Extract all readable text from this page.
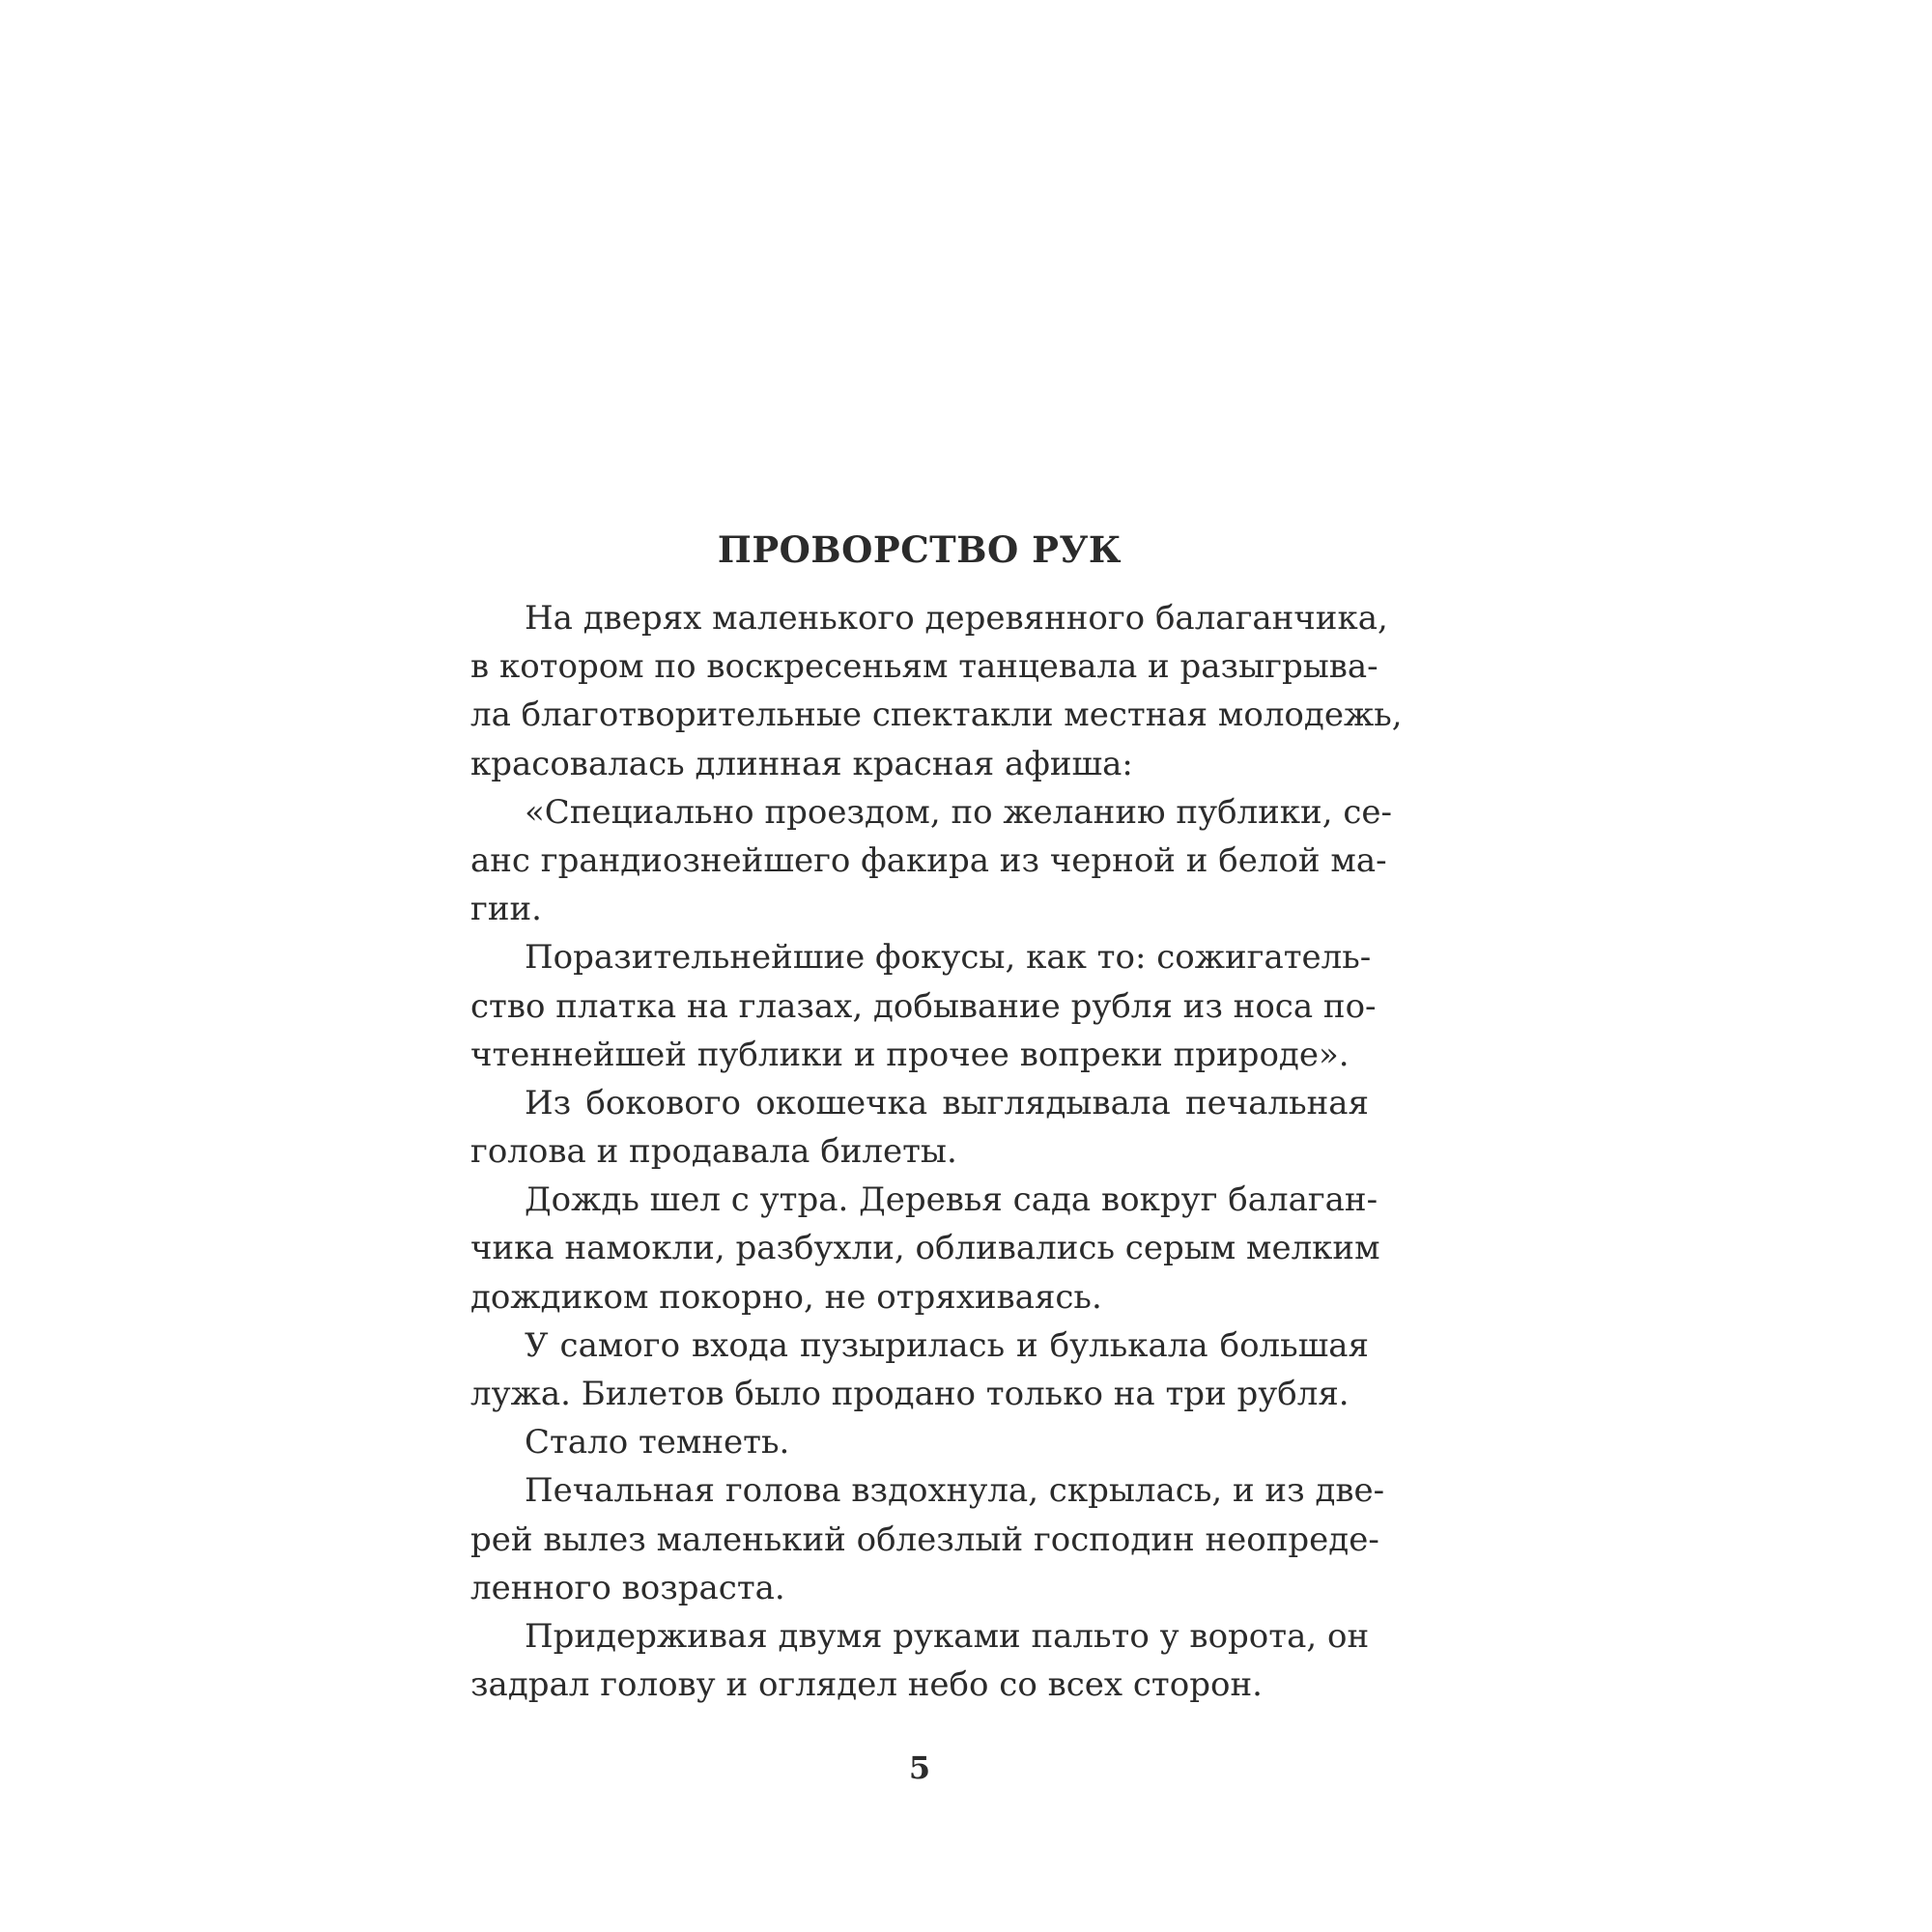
ПРОВОРСТВО РУК
На дверях маленького деревянного балаганчика,
в котором по воскресеньям танцевала и разыгрыва-
ла благотворительные спектакли местная молодежь,
красовалась длинная красная афиша:
«Специально проездом, по желанию публики, се-
анс грандиознейшего факира из черной и белой ма-
гии.
Поразительнейшие фокусы, как то: сожигатель-
ство платка на глазах, добывание рубля из носа по-
чтеннейшей публики и прочее вопреки природе».
Из бокового окошечка выглядывала печальная
голова и продавала билеты.
Дождь шел с утра. Деревья сада вокруг балаган-
чика намокли, разбухли, обливались серым мелким
дождиком покорно, не отряхиваясь.
У самого входа пузырилась и булькала большая
лужа. Билетов было продано только на три рубля.
Стало темнеть.
Печальная голова вздохнула, скрылась, и из две-
рей вылез маленький облезлый господин неопреде-
ленного возраста.
Придерживая двумя руками пальто у ворота, он
задрал голову и оглядел небо со всех сторон.
5
